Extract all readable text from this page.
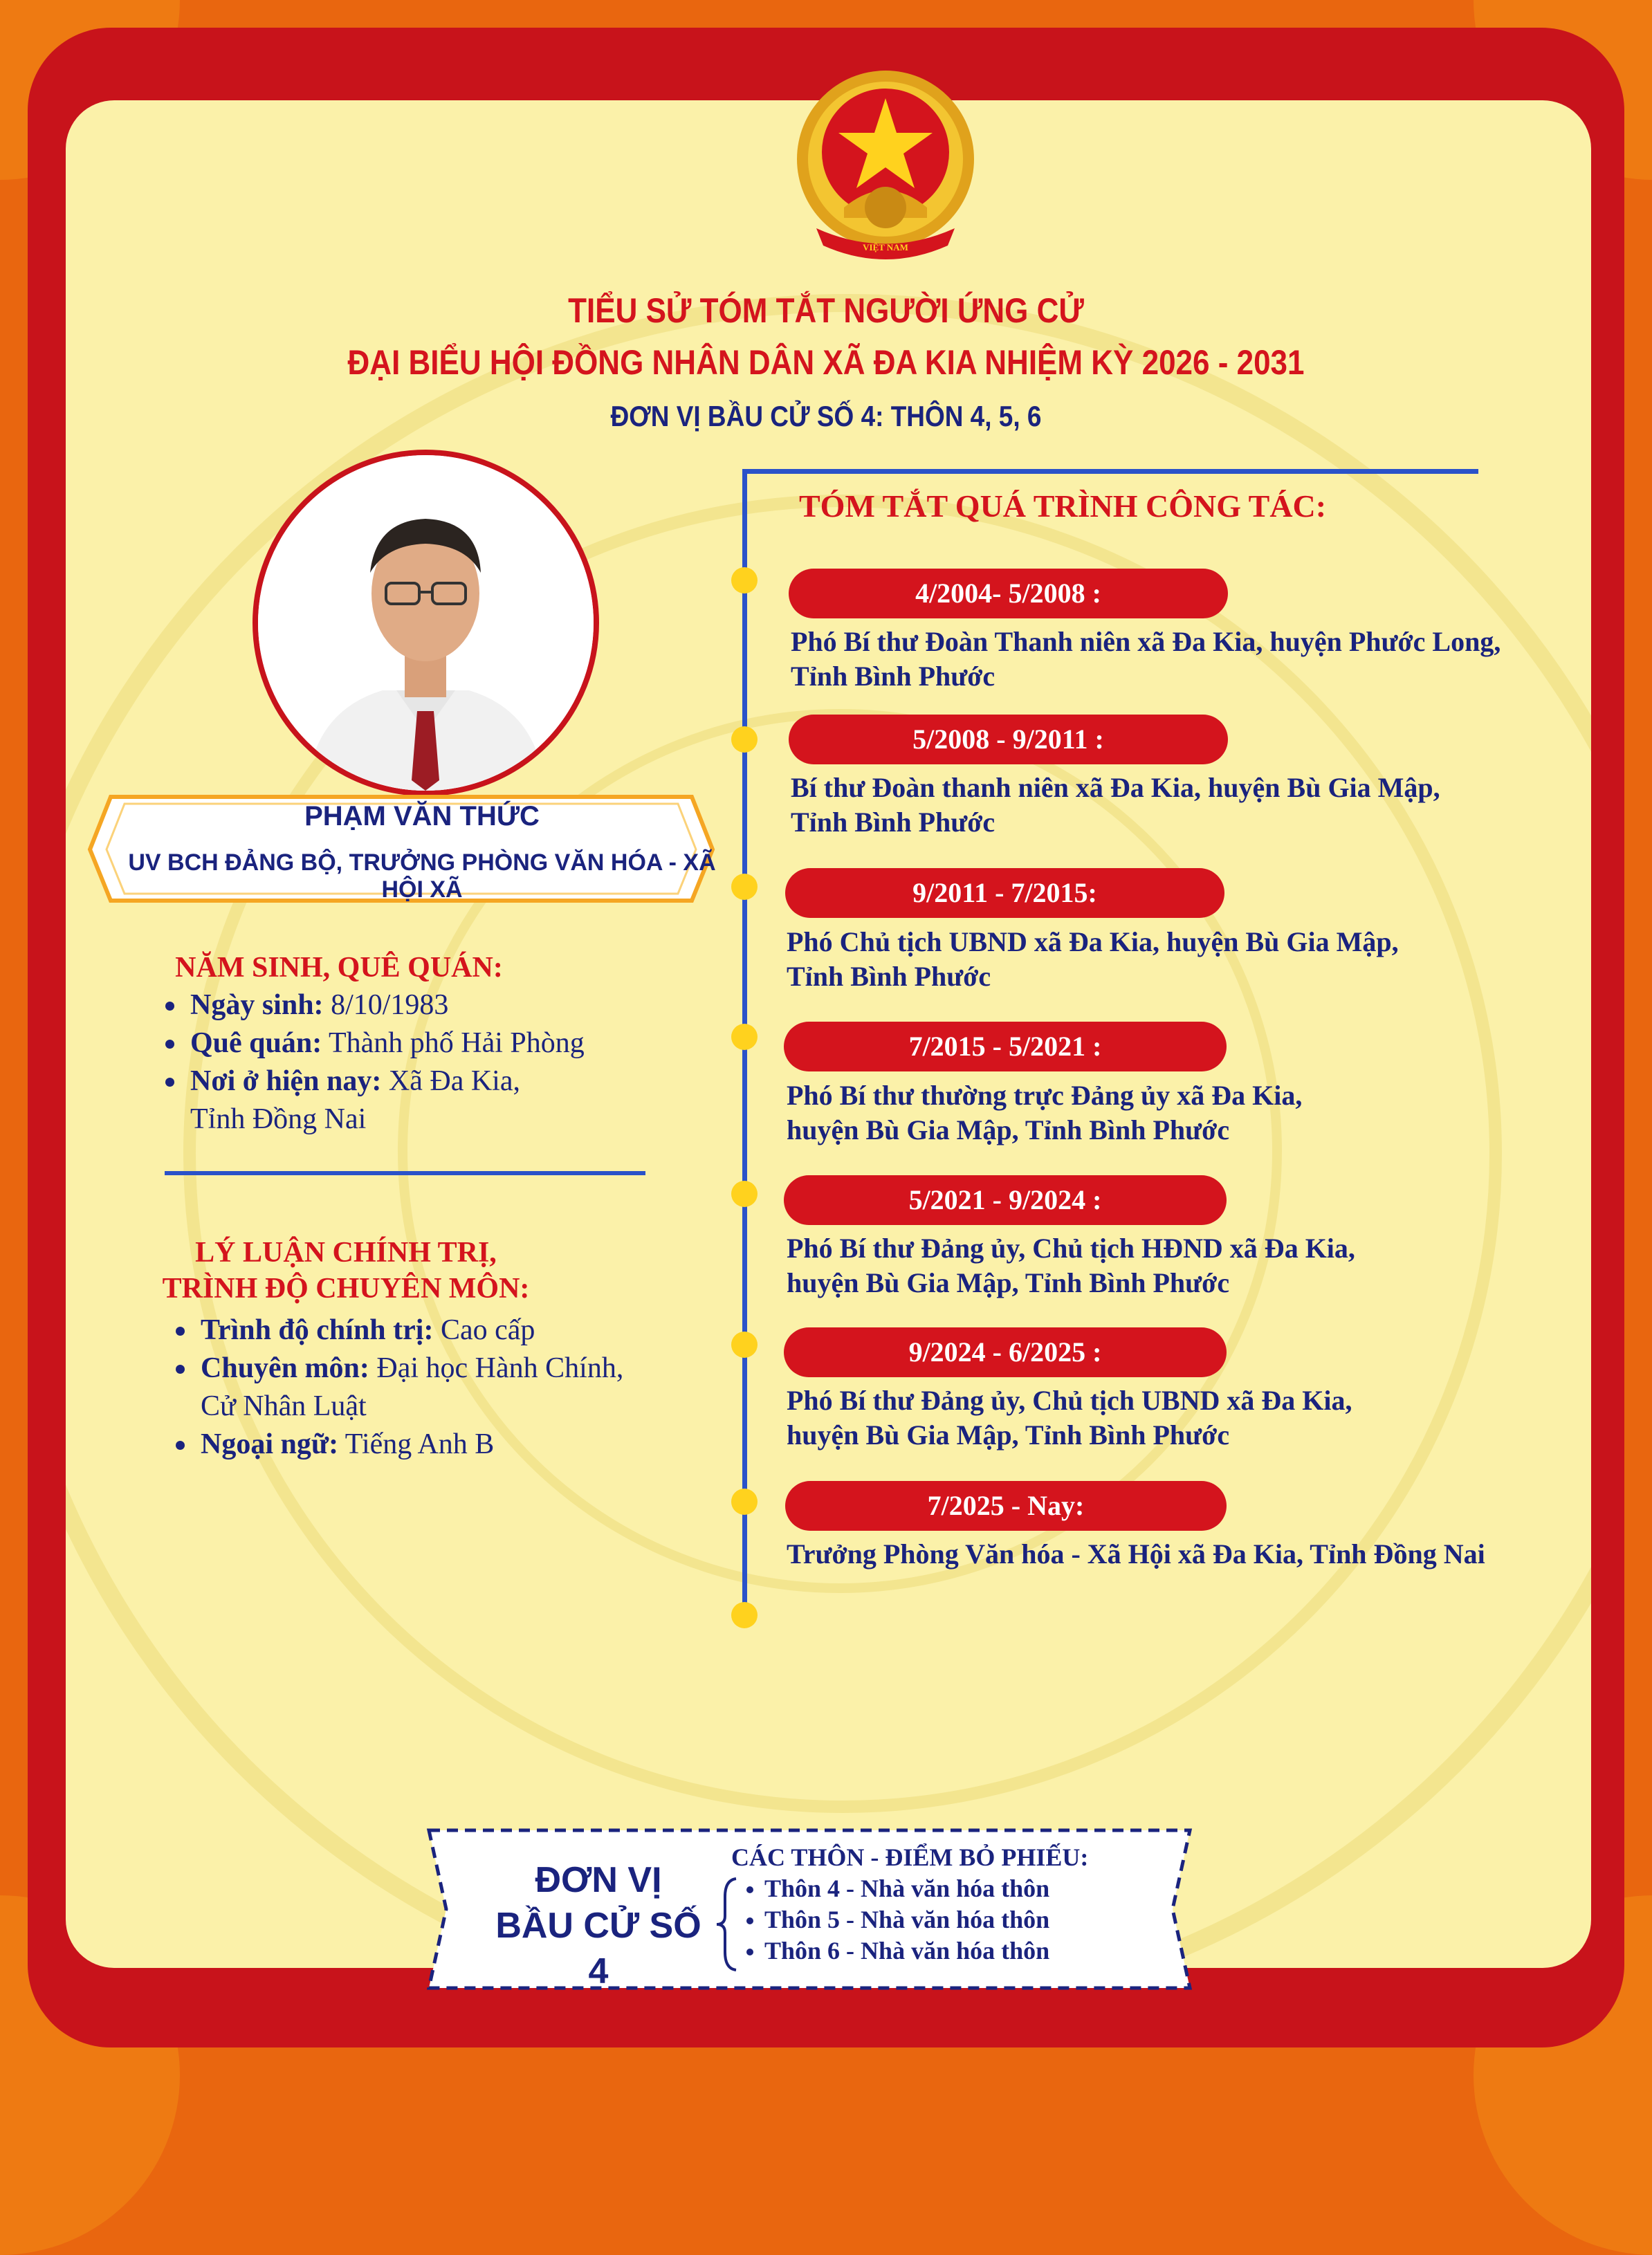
VIỆT NAM
TIỂU SỬ TÓM TẮT NGƯỜI ỨNG CỬ
ĐẠI BIỂU HỘI ĐỒNG NHÂN DÂN XÃ ĐA KIA NHIỆM KỲ 2026 - 2031
ĐƠN VỊ BẦU CỬ SỐ 4: THÔN 4, 5, 6
PHẠM VĂN THỨC
UV BCH ĐẢNG BỘ, TRƯỞNG PHÒNG VĂN HÓA - XÃ HỘI XÃ
NĂM SINH, QUÊ QUÁN:
Ngày sinh: 8/10/1983
Quê quán: Thành phố Hải Phòng
Nơi ở hiện nay: Xã Đa Kia,
Tỉnh Đồng Nai
LÝ LUẬN CHÍNH TRỊ,
TRÌNH ĐỘ CHUYÊN MÔN:
Trình độ chính trị: Cao cấp
Chuyên môn: Đại học Hành Chính,
Cử Nhân Luật
Ngoại ngữ: Tiếng Anh B
TÓM TẮT QUÁ TRÌNH CÔNG TÁC:
4/2004- 5/2008 :
Phó Bí thư Đoàn Thanh niên xã Đa Kia, huyện Phước Long,
Tỉnh Bình Phước
5/2008 - 9/2011 :
Bí thư Đoàn thanh niên xã Đa Kia, huyện Bù Gia Mập,
Tỉnh Bình Phước
9/2011 - 7/2015:
Phó Chủ tịch UBND xã Đa Kia, huyện Bù Gia Mập,
Tỉnh Bình Phước
7/2015 - 5/2021 :
Phó Bí thư thường trực Đảng ủy xã Đa Kia,
huyện Bù Gia Mập, Tỉnh Bình Phước
5/2021 - 9/2024 :
Phó Bí thư Đảng ủy, Chủ tịch HĐND xã Đa Kia,
huyện Bù Gia Mập, Tỉnh Bình Phước
9/2024 - 6/2025 :
Phó Bí thư Đảng ủy, Chủ tịch UBND xã Đa Kia,
huyện Bù Gia Mập, Tỉnh Bình Phước
7/2025 - Nay:
Trưởng Phòng Văn hóa - Xã Hội xã Đa Kia, Tỉnh Đồng Nai
ĐƠN VỊ
BẦU CỬ SỐ 4
CÁC THÔN - ĐIỂM BỎ PHIẾU:
Thôn 4 - Nhà văn hóa thôn
Thôn 5 - Nhà văn hóa thôn
Thôn 6 - Nhà văn hóa thôn
